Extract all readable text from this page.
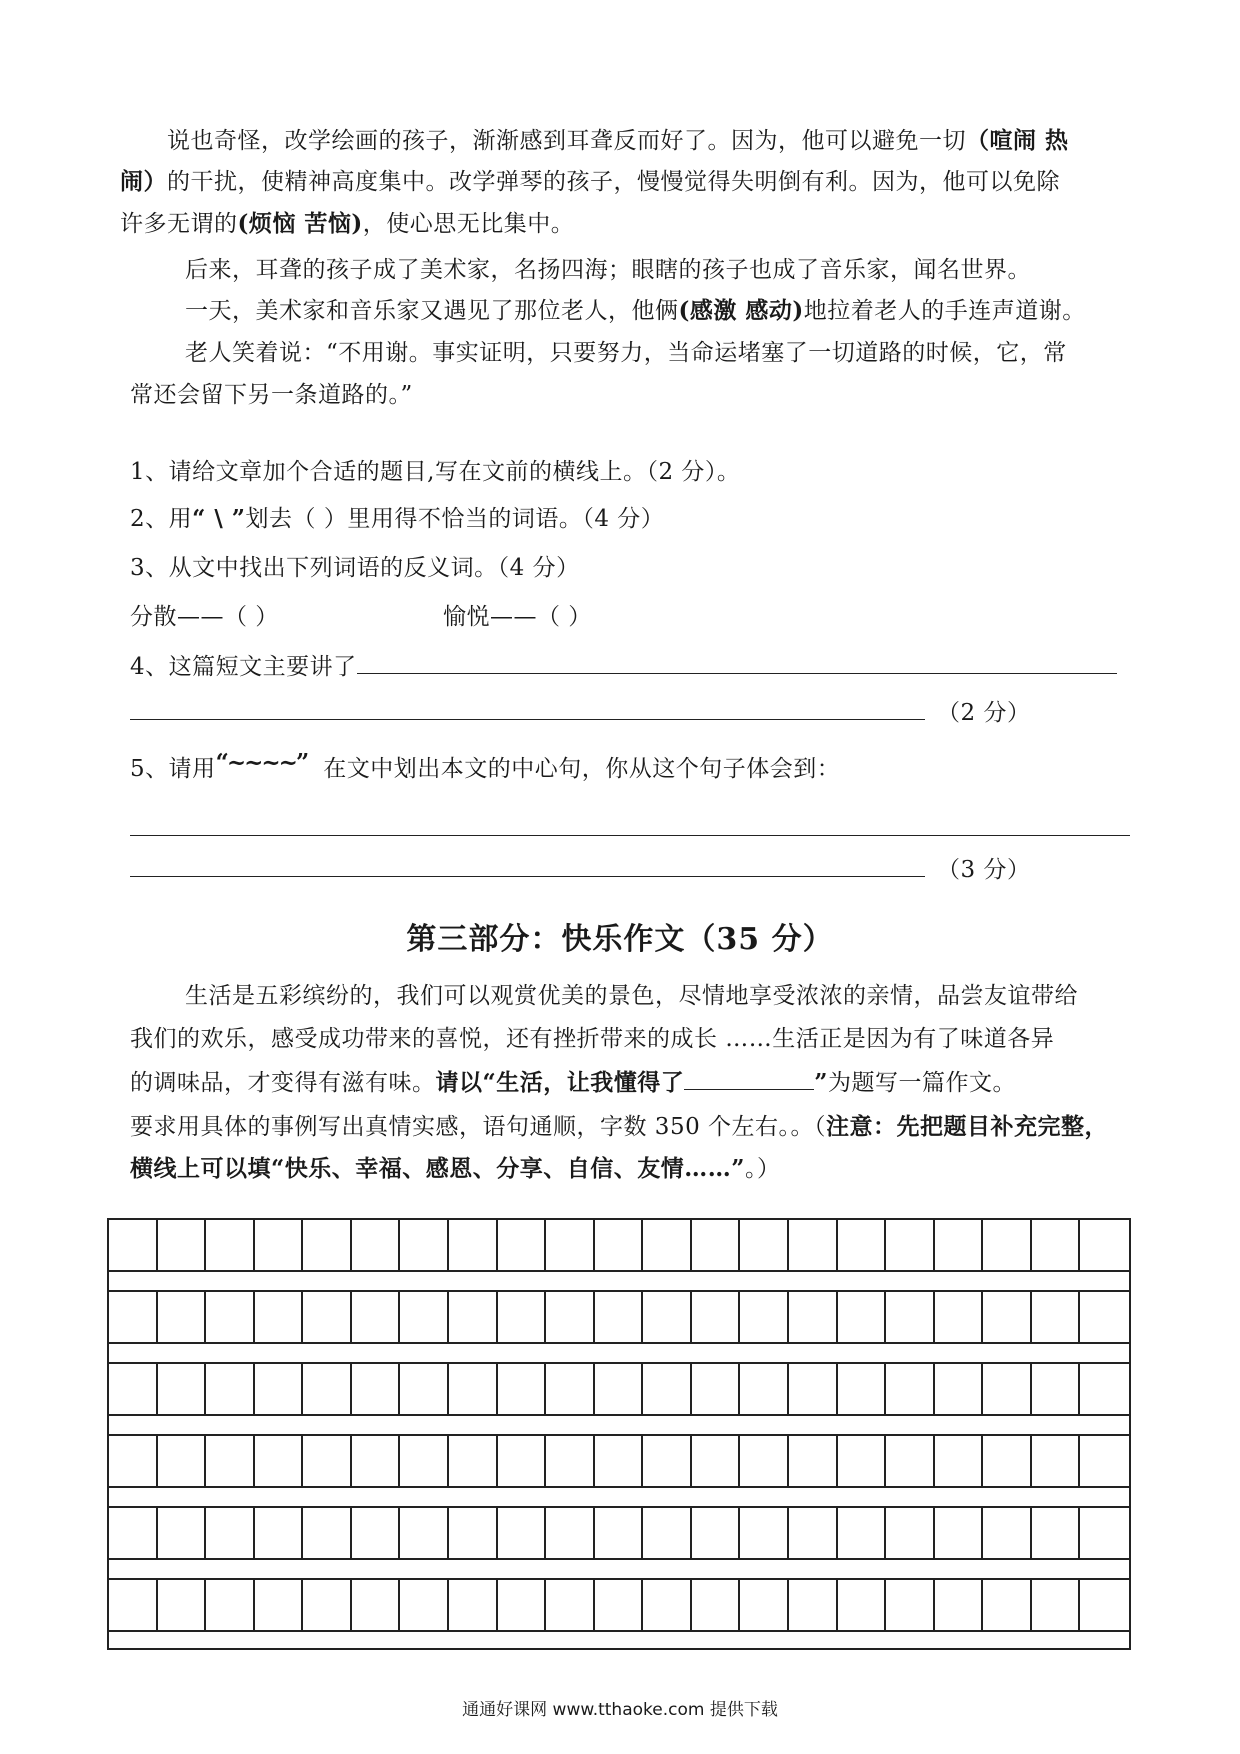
说也奇怪，改学绘画的孩子，渐渐感到耳聋反而好了。因为，他可以避免一切（喧闹 热
闹）的干扰，使精神高度集中。改学弹琴的孩子，慢慢觉得失明倒有利。因为，他可以免除
许多无谓的(烦恼 苦恼)，使心思无比集中。
后来，耳聋的孩子成了美术家，名扬四海；眼瞎的孩子也成了音乐家，闻名世界。
一天，美术家和音乐家又遇见了那位老人，他俩(感激 感动)地拉着老人的手连声道谢。
老人笑着说：“不用谢。事实证明，只要努力，当命运堵塞了一切道路的时候，它，常
常还会留下另一条道路的。”
1、请给文章加个合适的题目,写在文前的横线上。（2 分）。
2、用“ \ ”划去（ ）里用得不恰当的词语。（4 分）
3、从文中找出下列词语的反义词。（4 分）
分散——（ ）	愉悦——（ ）
4、这篇短文主要讲了
（2 分）
5、请用“~~~~” 在文中划出本文的中心句，你从这个句子体会到：
（3 分）
第三部分：快乐作文（35 分）
生活是五彩缤纷的，我们可以观赏优美的景色，尽情地享受浓浓的亲情，品尝友谊带给
我们的欢乐，感受成功带来的喜悦，还有挫折带来的成长 ……生活正是因为有了味道各异
的调味品，才变得有滋有味。请以“生活，让我懂得了	”为题写一篇作文。
要求用具体的事例写出真情实感，语句通顺，字数 350 个左右。。（注意：先把题目补充完整，
横线上可以填“快乐、幸福、感恩、分享、自信、友情……”。）
通通好课网 www.tthaoke.com 提供下载
